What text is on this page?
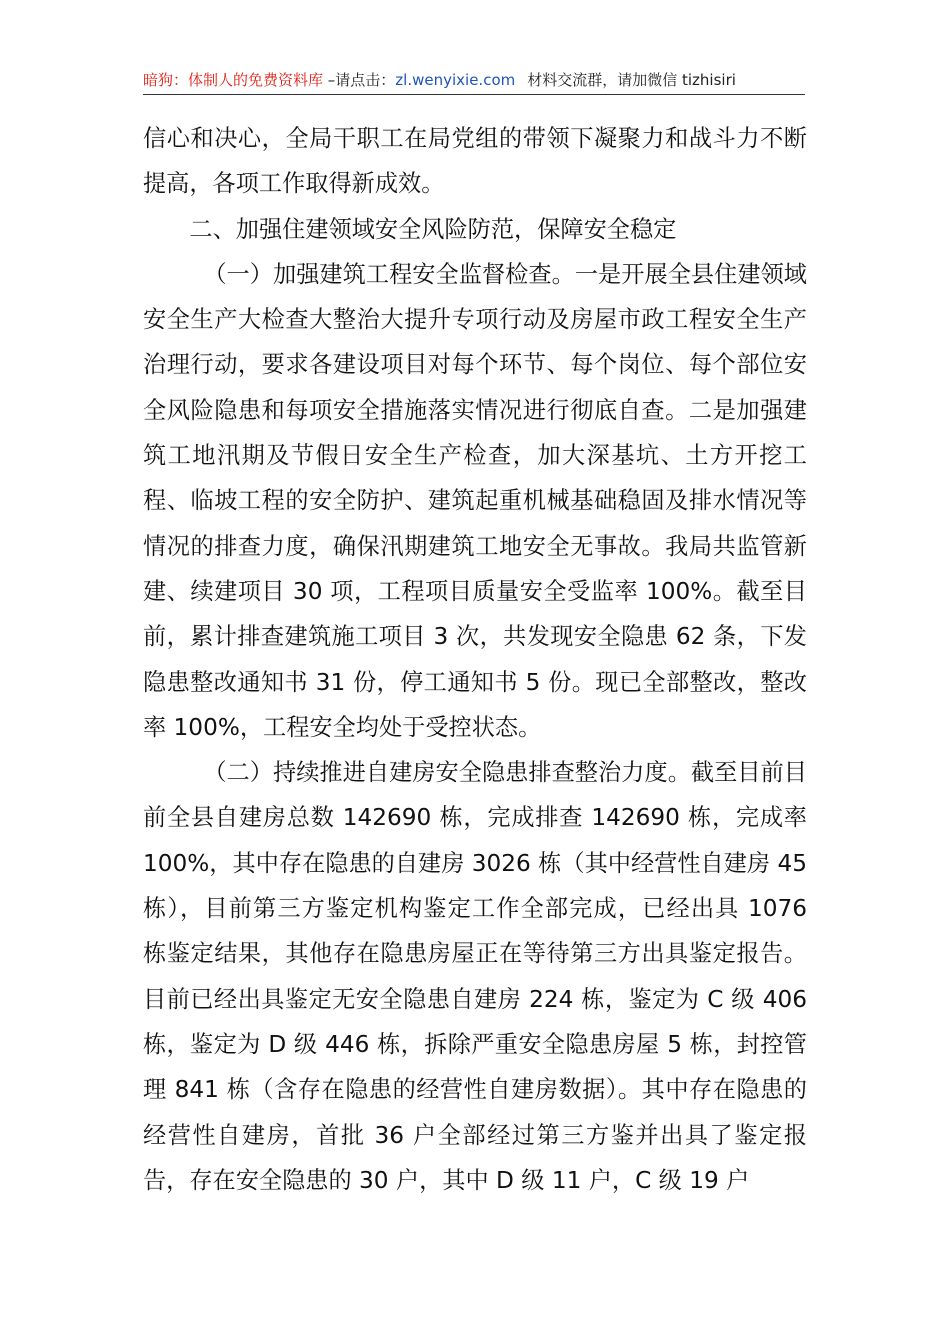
暗狗：体制人的免费资料库 –请点击：zl.wenyixie.com 材料交流群，请加微信 tizhisiri

信心和决心，全局干职工在局党组的带领下凝聚力和战斗力不断提高，各项工作取得新成效。

二、加强住建领域安全风险防范，保障安全稳定

（一）加强建筑工程安全监督检查。一是开展全县住建领域安全生产大检查大整治大提升专项行动及房屋市政工程安全生产治理行动，要求各建设项目对每个环节、每个岗位、每个部位安全风险隐患和每项安全措施落实情况进行彻底自查。二是加强建筑工地汛期及节假日安全生产检查，加大深基坑、土方开挖工程、临坡工程的安全防护、建筑起重机械基础稳固及排水情况等情况的排查力度，确保汛期建筑工地安全无事故。我局共监管新建、续建项目 30 项，工程项目质量安全受监率 100%。截至目前，累计排查建筑施工项目 3 次，共发现安全隐患 62 条，下发隐患整改通知书 31 份，停工通知书 5 份。现已全部整改，整改率 100%，工程安全均处于受控状态。

（二）持续推进自建房安全隐患排查整治力度。截至目前目前全县自建房总数 142690 栋，完成排查 142690 栋，完成率 100%，其中存在隐患的自建房 3026 栋（其中经营性自建房 45 栋），目前第三方鉴定机构鉴定工作全部完成，已经出具 1076 栋鉴定结果，其他存在隐患房屋正在等待第三方出具鉴定报告。目前已经出具鉴定无安全隐患自建房 224 栋，鉴定为 C 级 406 栋，鉴定为 D 级 446 栋，拆除严重安全隐患房屋 5 栋，封控管理 841 栋（含存在隐患的经营性自建房数据）。其中存在隐患的经营性自建房，首批 36 户全部经过第三方鉴并出具了鉴定报告，存在安全隐患的 30 户，其中 D 级 11 户，C 级 19 户
